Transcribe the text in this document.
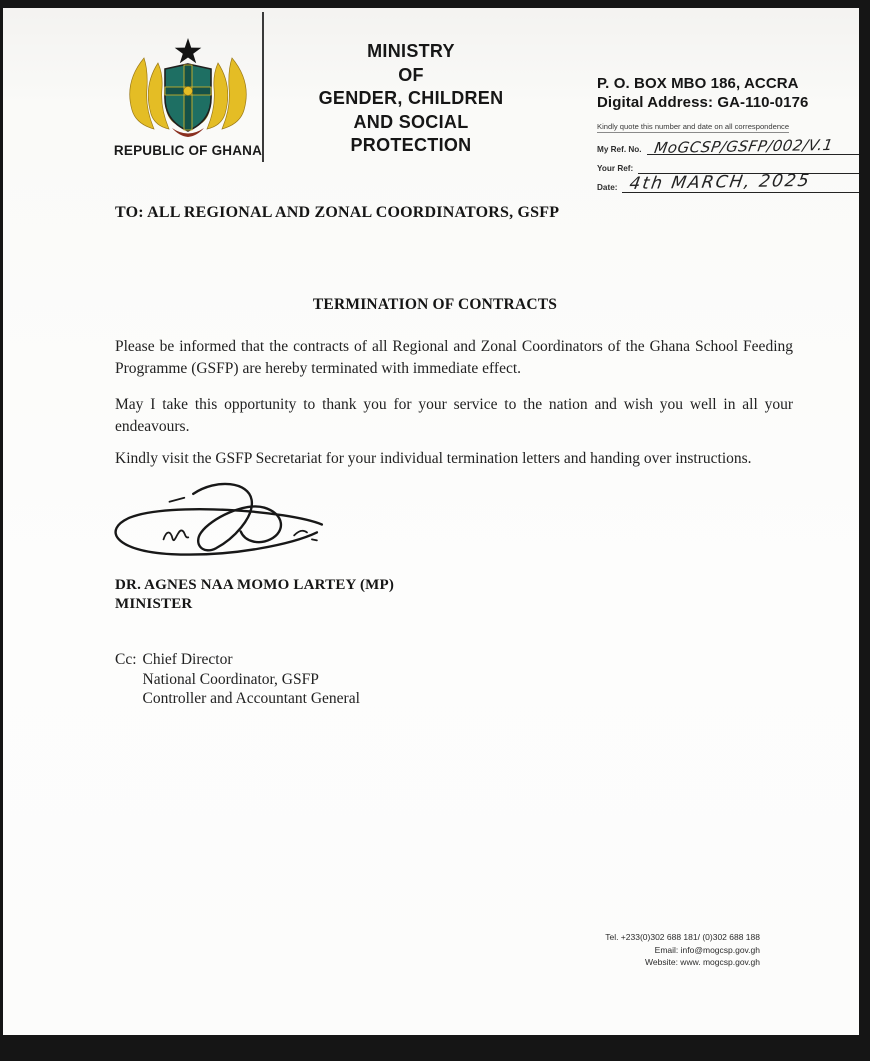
REPUBLIC OF GHANA
MINISTRY
OF
GENDER, CHILDREN
AND SOCIAL
PROTECTION
P. O. BOX MBO 186, ACCRA
Digital Address: GA-110-0176
Kindly quote this number and date on all correspondence
My Ref. No. MoGCSP/GSFP/002/V.1
Your Ref:
Date: 4th MARCH, 2025
TO: ALL REGIONAL AND ZONAL COORDINATORS, GSFP
TERMINATION OF CONTRACTS

Please be informed that the contracts of all Regional and Zonal Coordinators of the Ghana School Feeding Programme (GSFP) are hereby terminated with immediate effect.

May I take this opportunity to thank you for your service to the nation and wish you well in all your endeavours.

Kindly visit the GSFP Secretariat for your individual termination letters and handing over instructions.

DR. AGNES NAA MOMO LARTEY (MP)
MINISTER
Cc: Chief Director
National Coordinator, GSFP
Controller and Accountant General
Tel. +233(0)302 688 181/ (0)302 688 188
Email: info@mogcsp.gov.gh
Website: www. mogcsp.gov.gh
